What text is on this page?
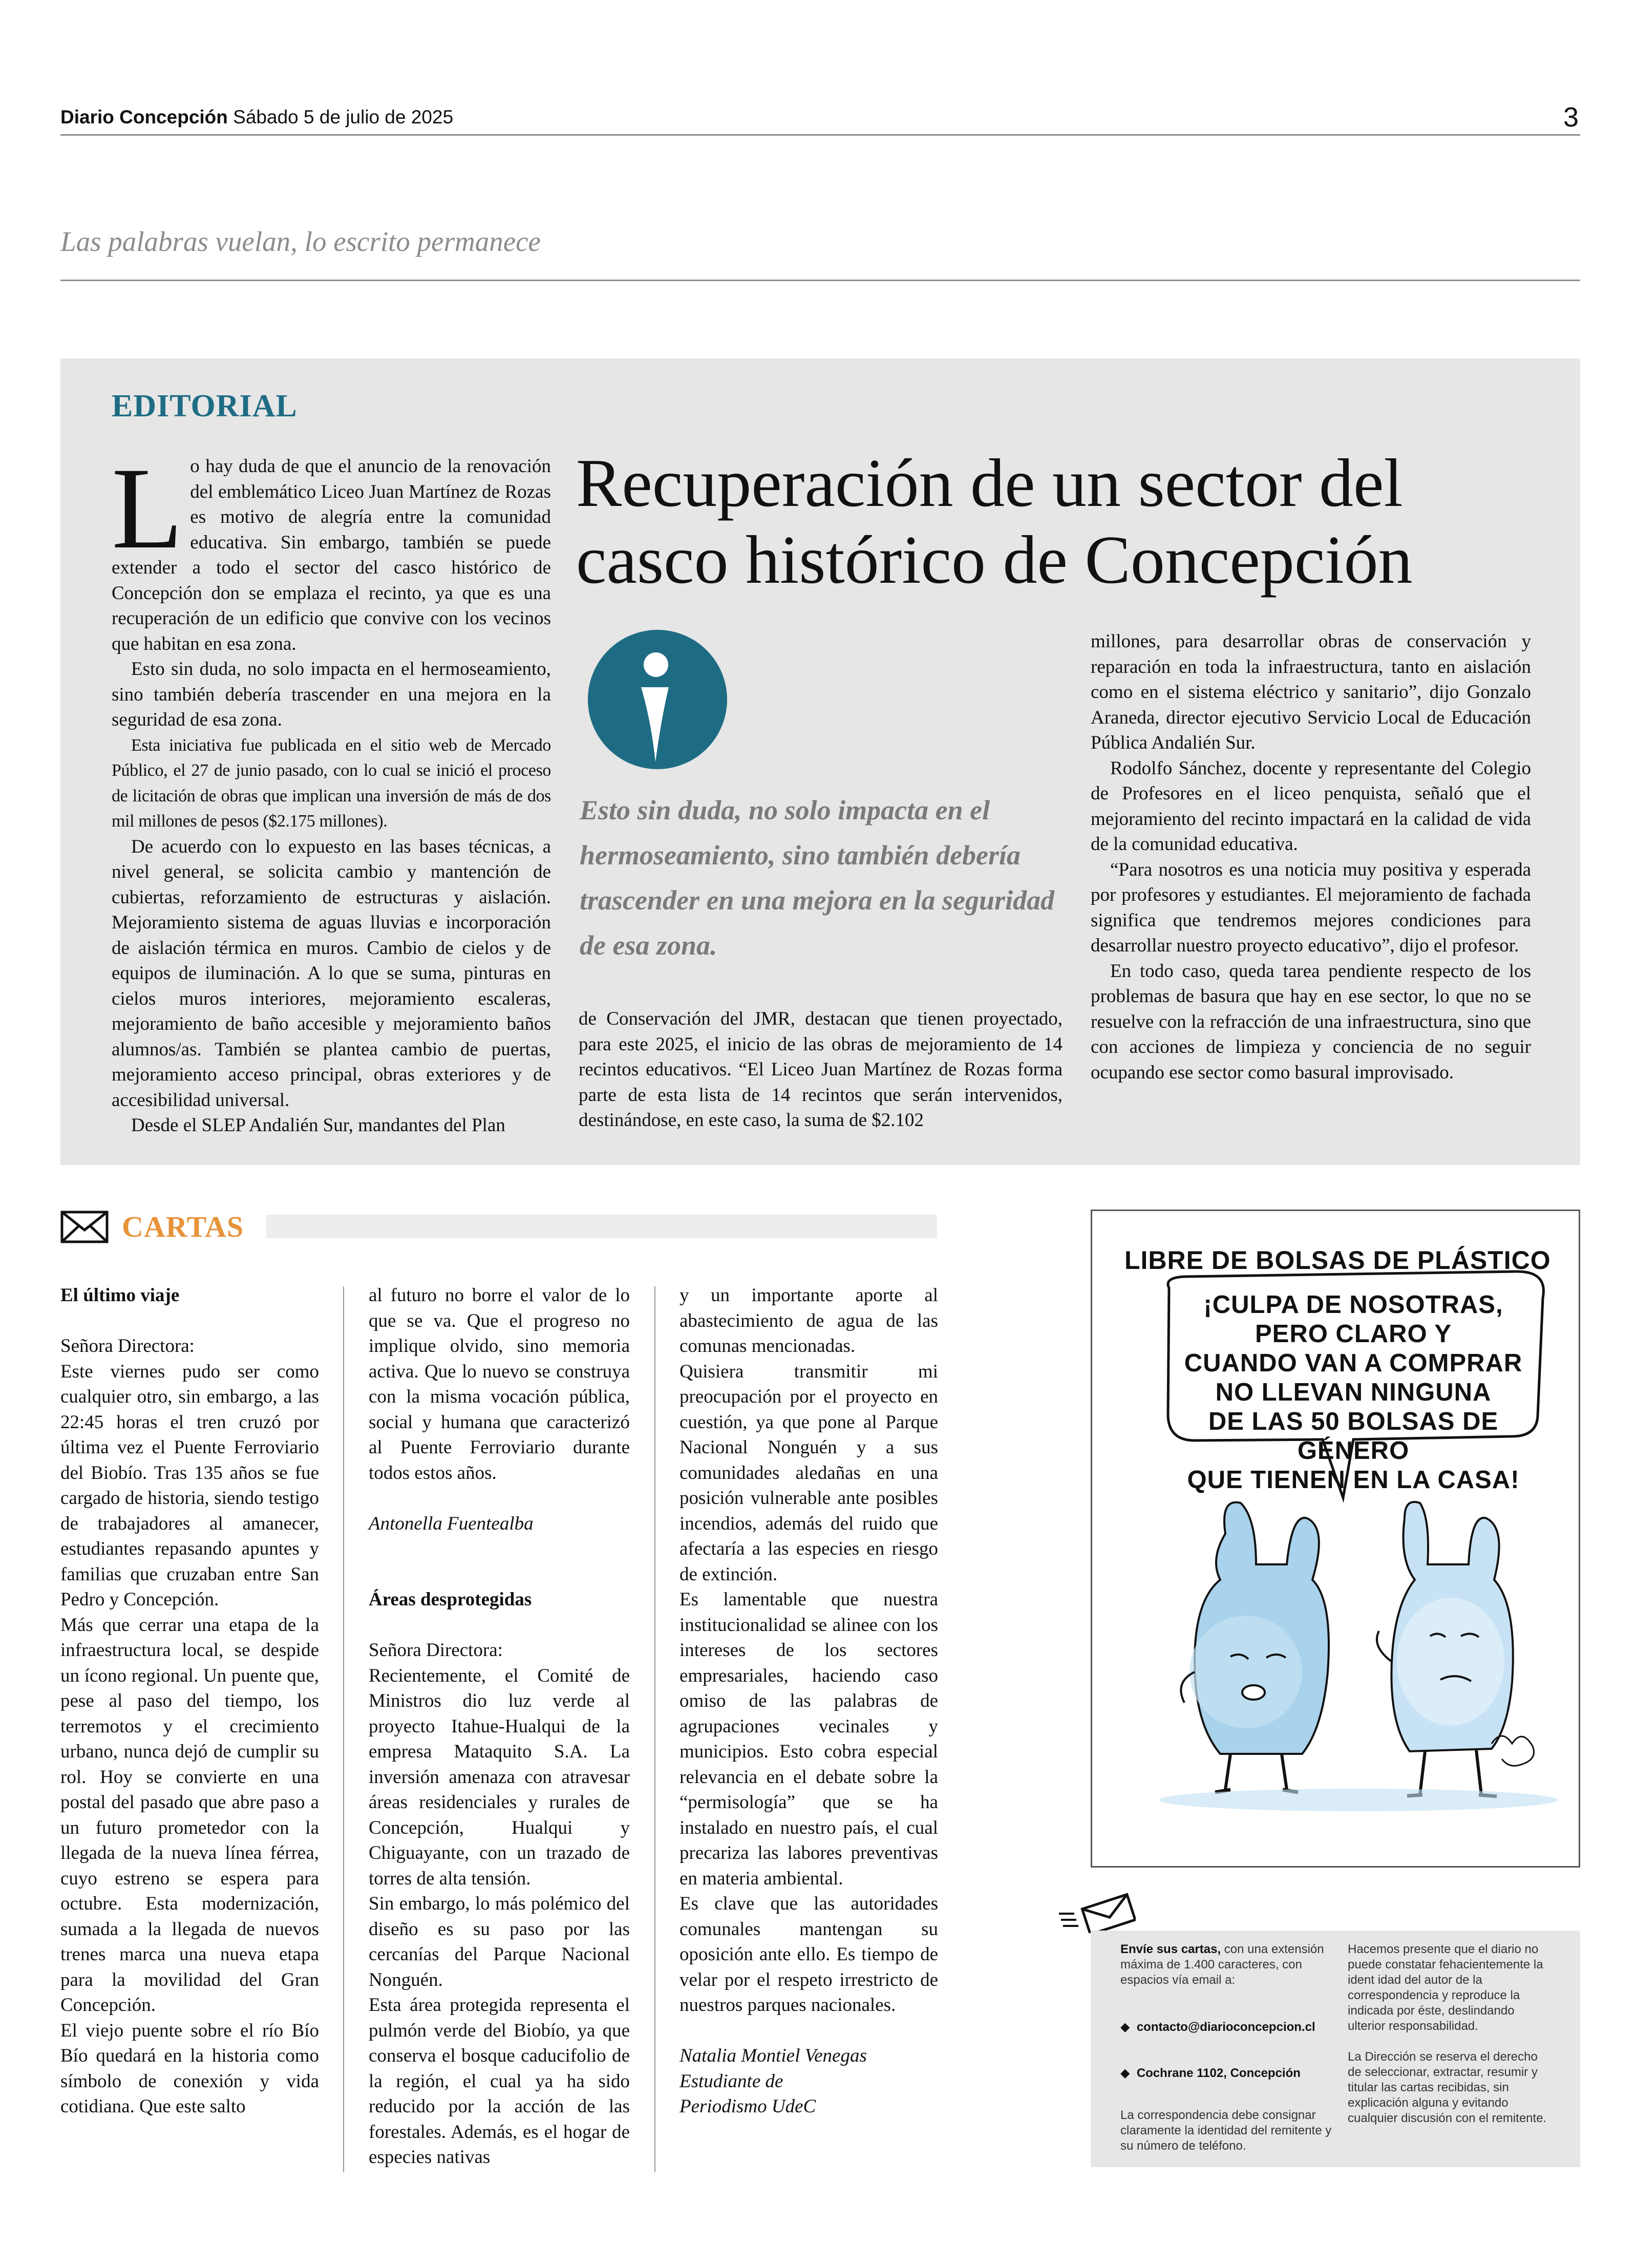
Diario Concepción Sábado 5 de julio de 2025	3
Las palabras vuelan, lo escrito permanece
EDITORIAL
Recuperación de un sector del
casco histórico de Concepción

Lo hay duda de que el anuncio de la renovación del emblemático Liceo Juan Martínez de Rozas es motivo de alegría entre la comunidad educativa. Sin embargo, también se puede extender a todo el sector del casco histórico de Concepción don se emplaza el recinto, ya que es una recuperación de un edificio que convive con los vecinos que habitan en esa zona.

Esto sin duda, no solo impacta en el hermoseamiento, sino también debería trascender en una mejora en la seguridad de esa zona.

Esta iniciativa fue publicada en el sitio web de Mercado Público, el 27 de junio pasado, con lo cual se inició el proceso de licitación de obras que implican una inversión de más de dos mil millones de pesos ($2.175 millones).

De acuerdo con lo expuesto en las bases técnicas, a nivel general, se solicita cambio y mantención de cubiertas, reforzamiento de estructuras y aislación. Mejoramiento sistema de aguas lluvias e incorporación de aislación térmica en muros. Cambio de cielos y de equipos de iluminación. A lo que se suma, pinturas en cielos muros interiores, mejoramiento escaleras, mejoramiento de baño accesible y mejoramiento baños alumnos/as. También se plantea cambio de puertas, mejoramiento acceso principal, obras exteriores y de accesibilidad universal.

Desde el SLEP Andalién Sur, mandantes del Plan

Esto sin duda, no solo impacta en el hermoseamiento, sino también debería trascender en una mejora en la seguridad de esa zona.

de Conservación del JMR, destacan que tienen proyectado, para este 2025, el inicio de las obras de mejoramiento de 14 recintos educativos. “El Liceo Juan Martínez de Rozas forma parte de esta lista de 14 recintos que serán intervenidos, destinándose, en este caso, la suma de $2.102

millones, para desarrollar obras de conservación y reparación en toda la infraestructura, tanto en aislación como en el sistema eléctrico y sanitario”, dijo Gonzalo Araneda, director ejecutivo Servicio Local de Educación Pública Andalién Sur.

Rodolfo Sánchez, docente y representante del Colegio de Profesores en el liceo penquista, señaló que el mejoramiento del recinto impactará en la calidad de vida de la comunidad educativa.

“Para nosotros es una noticia muy positiva y esperada por profesores y estudiantes. El mejoramiento de fachada significa que tendremos mejores condiciones para desarrollar nuestro proyecto educativo”, dijo el profesor.

En todo caso, queda tarea pendiente respecto de los problemas de basura que hay en ese sector, lo que no se resuelve con la refracción de una infraestructura, sino que con acciones de limpieza y conciencia de no seguir ocupando ese sector como basural improvisado.

CARTAS

El último viaje

Señora Directora:

Este viernes pudo ser como cualquier otro, sin embargo, a las 22:45 horas el tren cruzó por última vez el Puente Ferroviario del Biobío. Tras 135 años se fue cargado de historia, siendo testigo de trabajadores al amanecer, estudiantes repasando apuntes y familias que cruzaban entre San Pedro y Concepción.

Más que cerrar una etapa de la infraestructura local, se despide un ícono regional. Un puente que, pese al paso del tiempo, los terremotos y el crecimiento urbano, nunca dejó de cumplir su rol. Hoy se convierte en una postal del pasado que abre paso a un futuro prometedor con la llegada de la nueva línea férrea, cuyo estreno se espera para octubre. Esta modernización, sumada a la llegada de nuevos trenes marca una nueva etapa para la movilidad del Gran Concepción.

El viejo puente sobre el río Bío Bío quedará en la historia como símbolo de conexión y vida cotidiana. Que este salto

al futuro no borre el valor de lo que se va. Que el progreso no implique olvido, sino memoria activa. Que lo nuevo se construya con la misma vocación pública, social y humana que caracterizó al Puente Ferroviario durante todos estos años.

Antonella Fuentealba

Áreas desprotegidas

Señora Directora:

Recientemente, el Comité de Ministros dio luz verde al proyecto Itahue-Hualqui de la empresa Mataquito S.A. La inversión amenaza con atravesar áreas residenciales y rurales de Concepción, Hualqui y Chiguayante, con un trazado de torres de alta tensión.

Sin embargo, lo más polémico del diseño es su paso por las cercanías del Parque Nacional Nonguén.

Esta área protegida representa el pulmón verde del Biobío, ya que conserva el bosque caducifolio de la región, el cual ya ha sido reducido por la acción de las forestales. Además, es el hogar de especies nativas

y un importante aporte al abastecimiento de agua de las comunas mencionadas.

Quisiera transmitir mi preocupación por el proyecto en cuestión, ya que pone al Parque Nacional Nonguén y a sus comunidades aledañas en una posición vulnerable ante posibles incendios, además del ruido que afectaría a las especies en riesgo de extinción.

Es lamentable que nuestra institucionalidad se alinee con los intereses de los sectores empresariales, haciendo caso omiso de las palabras de agrupaciones vecinales y municipios. Esto cobra especial relevancia en el debate sobre la “permisología” que se ha instalado en nuestro país, el cual precariza las labores preventivas en materia ambiental.

Es clave que las autoridades comunales mantengan su oposición ante ello. Es tiempo de velar por el respeto irrestricto de nuestros parques nacionales.

Natalia Montiel Venegas

Estudiante de

Periodismo UdeC

LIBRE DE BOLSAS DE PLÁSTICO
¡CULPA DE NOSOTRAS,
PERO CLARO Y
CUANDO VAN A COMPRAR
NO LLEVAN NINGUNA
DE LAS 50 BOLSAS DE GÉNERO
QUE TIENEN EN LA CASA!
Envíe sus cartas, con una extensión máxima de 1.400 caracteres, con espacios vía email a:
◆ contacto@diarioconcepcion.cl
◆ Cochrane 1102, Concepción
La correspondencia debe consignar claramente la identidad del remitente y su número de teléfono.
Hacemos presente que el diario no puede constatar fehacientemente la ident idad del autor de la correspondencia y reproduce la indicada por éste, deslindando ulterior responsabilidad.
La Dirección se reserva el derecho de seleccionar, extractar, resumir y titular las cartas recibidas, sin explicación alguna y evitando cualquier discusión con el remitente.
